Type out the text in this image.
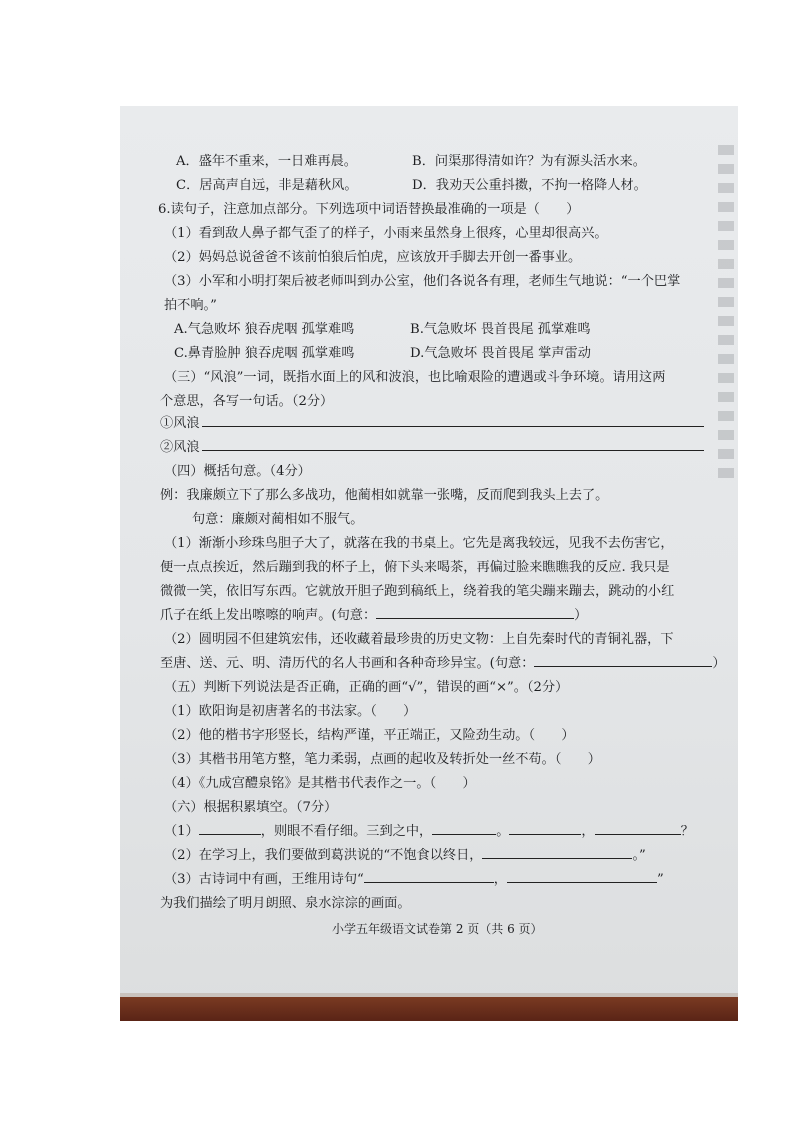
A．盛年不重来，一日难再晨。	B．问渠那得清如许？为有源头活水来。
C．居高声自远，非是藉秋风。	D．我劝天公重抖擞，不拘一格降人材。
6.读句子，注意加点部分。下列选项中词语替换最准确的一项是（　　）
（1）看到敌人鼻子都气歪了的样子，小雨来虽然身上很疼，心里却很高兴。
（2）妈妈总说爸爸不该前怕狼后怕虎，应该放开手脚去开创一番事业。
（3）小军和小明打架后被老师叫到办公室，他们各说各有理，老师生气地说：“一个巴掌
拍不响。”
A.气急败坏 狼吞虎咽 孤掌难鸣	B.气急败坏 畏首畏尾 孤掌难鸣
C.鼻青脸肿 狼吞虎咽 孤掌难鸣	D.气急败坏 畏首畏尾 掌声雷动
（三）“风浪”一词，既指水面上的风和波浪，也比喻艰险的遭遇或斗争环境。请用这两
个意思，各写一句话。（2分）
①风浪
②风浪
（四）概括句意。（4分）
例：我廉颇立下了那么多战功，他蔺相如就靠一张嘴，反而爬到我头上去了。
句意：廉颇对蔺相如不服气。
（1）渐渐小珍珠鸟胆子大了，就落在我的书桌上。它先是离我较远，见我不去伤害它，
便一点点挨近，然后蹦到我的杯子上，俯下头来喝茶，再偏过脸来瞧瞧我的反应. 我只是
微微一笑，依旧写东西。它就放开胆子跑到稿纸上，绕着我的笔尖蹦来蹦去，跳动的小红
爪子在纸上发出嚓嚓的响声。(句意：	）
（2）圆明园不但建筑宏伟，还收藏着最珍贵的历史文物：上自先秦时代的青铜礼器，下
至唐、送、元、明、清历代的名人书画和各种奇珍异宝。(句意：	）
（五）判断下列说法是否正确，正确的画“√”，错误的画“×”。（2分）
（1）欧阳询是初唐著名的书法家。（　　）
（2）他的楷书字形竖长，结构严谨，平正端正，又险劲生动。（　　）
（3）其楷书用笔方整，笔力柔弱，点画的起收及转折处一丝不苟。（　　）
（4）《九成宫醴泉铭》是其楷书代表作之一。（　　）
（六）根据积累填空。（7分）
（1）	，则眼不看仔细。三到之中，	。	，	？
（2）在学习上，我们要做到葛洪说的“不饱食以终日，	。”
（3）古诗词中有画，王维用诗句“	，	”
为我们描绘了明月朗照、泉水淙淙的画面。
小学五年级语文试卷第 2 页（共 6 页）
